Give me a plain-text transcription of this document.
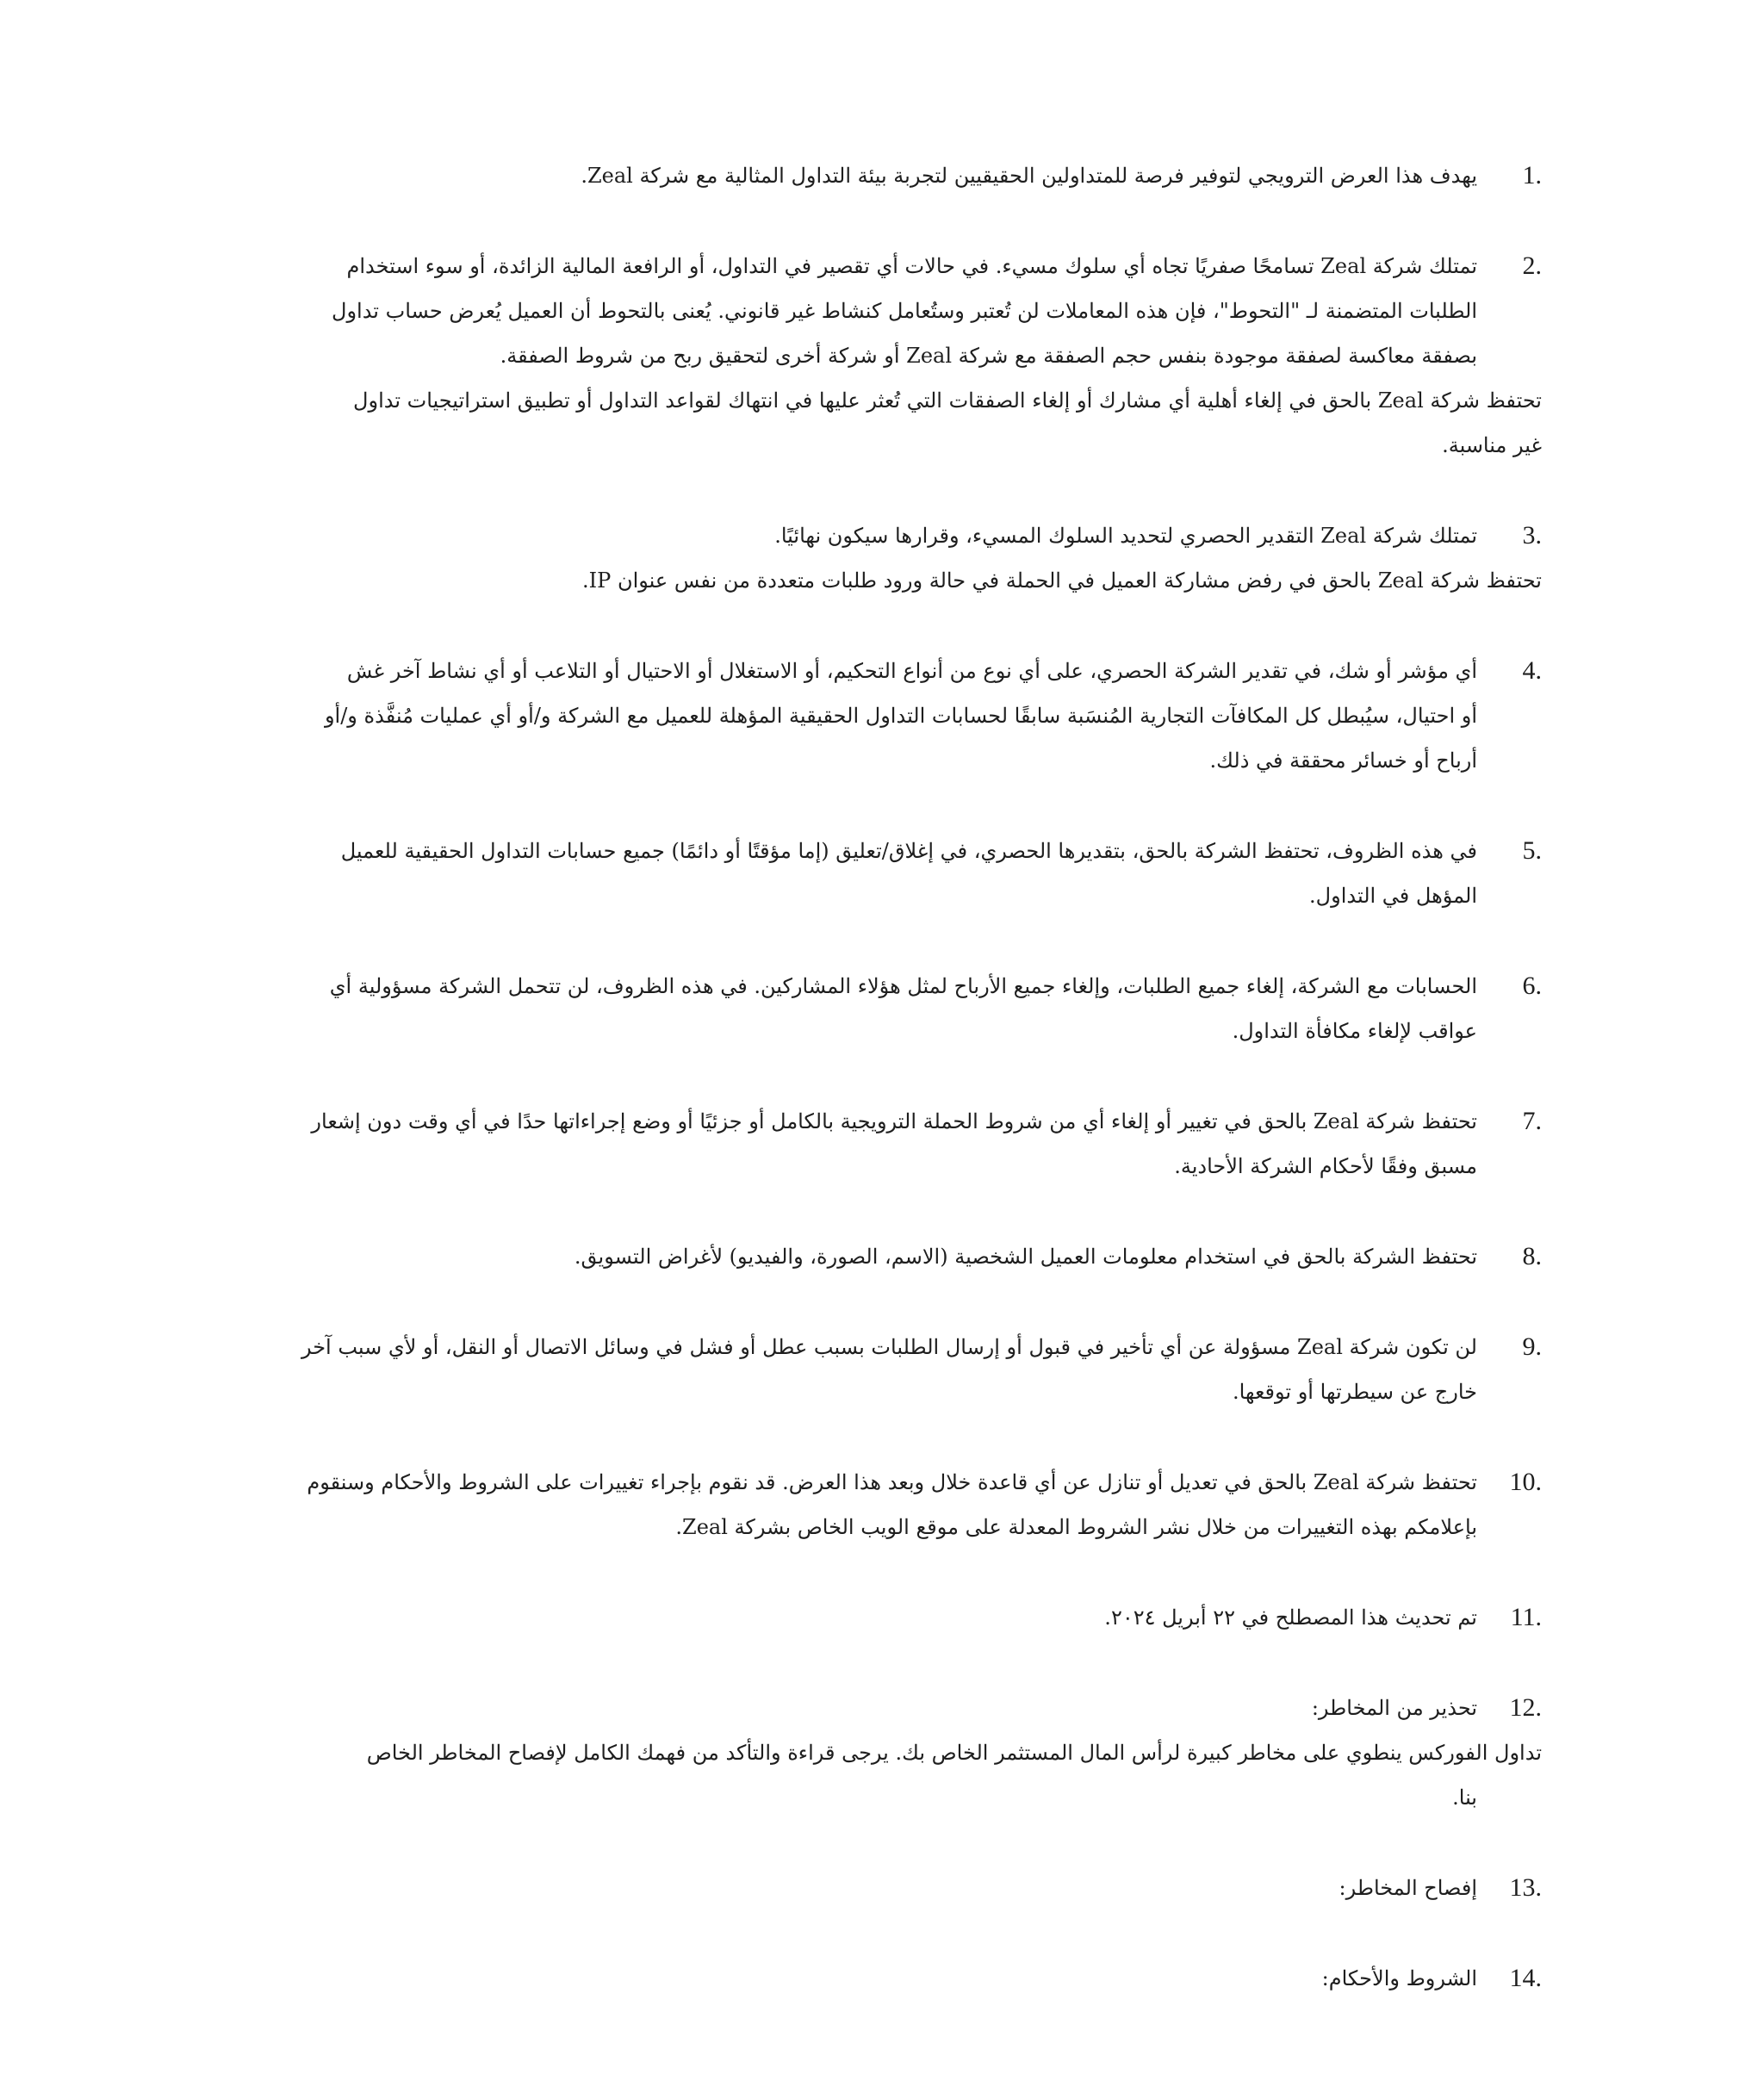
1.
يهدف هذا العرض الترويجي لتوفير فرصة للمتداولين الحقيقيين لتجربة بيئة التداول المثالية مع شركة Zeal.
2.
تمتلك شركة Zeal تسامحًا صفريًا تجاه أي سلوك مسيء. في حالات أي تقصير في التداول، أو الرافعة المالية الزائدة، أو سوء استخدام
الطلبات المتضمنة لـ "التحوط"، فإن هذه المعاملات لن تُعتبر وستُعامل كنشاط غير قانوني. يُعنى بالتحوط أن العميل يُعرض حساب تداول
بصفقة معاكسة لصفقة موجودة بنفس حجم الصفقة مع شركة Zeal أو شركة أخرى لتحقيق ربح من شروط الصفقة.
تحتفظ شركة Zeal بالحق في إلغاء أهلية أي مشارك أو إلغاء الصفقات التي تُعثر عليها في انتهاك لقواعد التداول أو تطبيق استراتيجيات تداول
غير مناسبة.
3.
تمتلك شركة Zeal التقدير الحصري لتحديد السلوك المسيء، وقرارها سيكون نهائيًا.
تحتفظ شركة Zeal بالحق في رفض مشاركة العميل في الحملة في حالة ورود طلبات متعددة من نفس عنوان IP.
4.
أي مؤشر أو شك، في تقدير الشركة الحصري، على أي نوع من أنواع التحكيم، أو الاستغلال أو الاحتيال أو التلاعب أو أي نشاط آخر غش
أو احتيال، سيُبطل كل المكافآت التجارية المُنسَبة سابقًا لحسابات التداول الحقيقية المؤهلة للعميل مع الشركة و/أو أي عمليات مُنفَّذة و/أو
أرباح أو خسائر محققة في ذلك.
5.
في هذه الظروف، تحتفظ الشركة بالحق، بتقديرها الحصري، في إغلاق/تعليق (إما مؤقتًا أو دائمًا) جميع حسابات التداول الحقيقية للعميل
المؤهل في التداول.
6.
الحسابات مع الشركة، إلغاء جميع الطلبات، وإلغاء جميع الأرباح لمثل هؤلاء المشاركين. في هذه الظروف، لن تتحمل الشركة مسؤولية أي
عواقب لإلغاء مكافأة التداول.
7.
تحتفظ شركة Zeal بالحق في تغيير أو إلغاء أي من شروط الحملة الترويجية بالكامل أو جزئيًا أو وضع إجراءاتها حدًا في أي وقت دون إشعار
مسبق وفقًا لأحكام الشركة الأحادية.
8.
تحتفظ الشركة بالحق في استخدام معلومات العميل الشخصية (الاسم، الصورة، والفيديو) لأغراض التسويق.
9.
لن تكون شركة Zeal مسؤولة عن أي تأخير في قبول أو إرسال الطلبات بسبب عطل أو فشل في وسائل الاتصال أو النقل، أو لأي سبب آخر
خارج عن سيطرتها أو توقعها.
10.
تحتفظ شركة Zeal بالحق في تعديل أو تنازل عن أي قاعدة خلال وبعد هذا العرض. قد نقوم بإجراء تغييرات على الشروط والأحكام وسنقوم
بإعلامكم بهذه التغييرات من خلال نشر الشروط المعدلة على موقع الويب الخاص بشركة Zeal.
11.
تم تحديث هذا المصطلح في ٢٢ أبريل ٢٠٢٤.
12.
تحذير من المخاطر:
تداول الفوركس ينطوي على مخاطر كبيرة لرأس المال المستثمر الخاص بك. يرجى قراءة والتأكد من فهمك الكامل لإفصاح المخاطر الخاص
بنا.
13.
إفصاح المخاطر:
14.
الشروط والأحكام:
